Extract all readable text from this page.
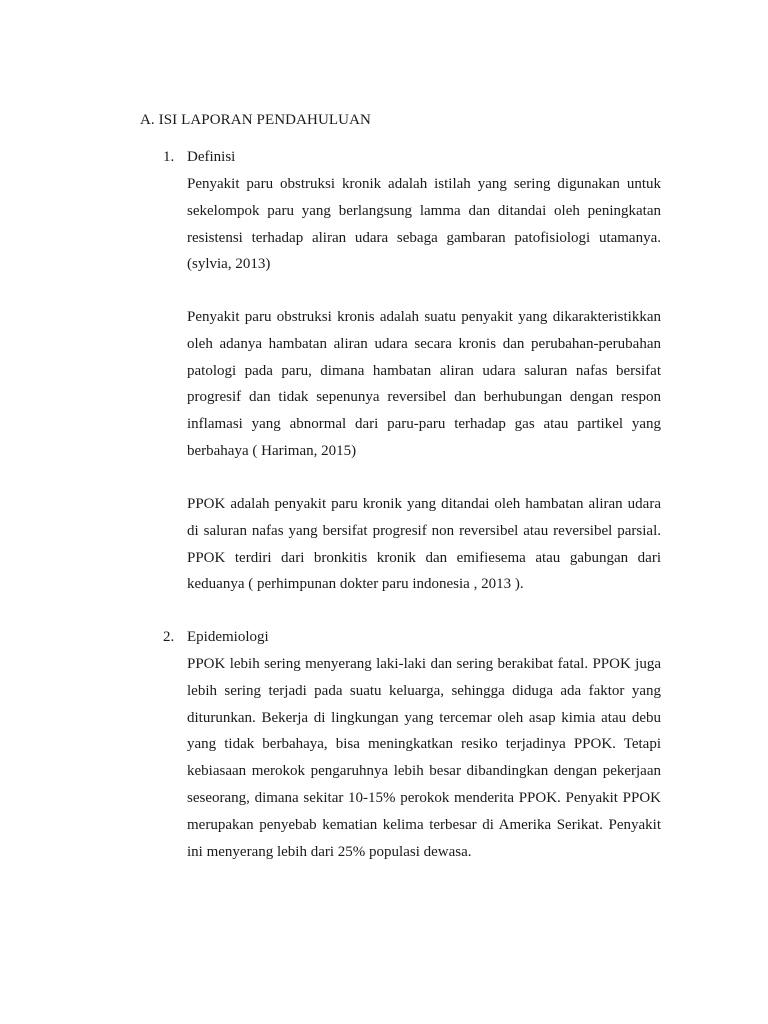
A. ISI LAPORAN PENDAHULUAN
1. Definisi

Penyakit paru obstruksi kronik adalah istilah yang sering digunakan untuk sekelompok paru yang berlangsung lamma dan ditandai oleh peningkatan resistensi terhadap aliran udara sebaga gambaran patofisiologi utamanya. (sylvia, 2013)

Penyakit paru obstruksi kronis adalah suatu penyakit yang dikarakteristikkan oleh adanya hambatan aliran udara secara kronis dan perubahan-perubahan patologi pada paru, dimana hambatan aliran udara saluran nafas bersifat progresif dan tidak sepenunya reversibel dan berhubungan dengan respon inflamasi yang abnormal dari paru-paru terhadap gas atau partikel yang berbahaya ( Hariman, 2015)

PPOK adalah penyakit paru kronik yang ditandai oleh hambatan aliran udara di saluran nafas yang bersifat progresif non reversibel atau reversibel parsial. PPOK terdiri dari bronkitis kronik dan emifiesema atau gabungan dari keduanya ( perhimpunan dokter paru indonesia , 2013 ).

2. Epidemiologi

PPOK lebih sering menyerang laki-laki dan sering berakibat fatal. PPOK juga lebih sering terjadi pada suatu keluarga, sehingga diduga ada faktor yang diturunkan. Bekerja di lingkungan yang tercemar oleh asap kimia atau debu yang tidak berbahaya, bisa meningkatkan resiko terjadinya PPOK. Tetapi kebiasaan merokok pengaruhnya lebih besar dibandingkan dengan pekerjaan seseorang, dimana sekitar 10-15% perokok menderita PPOK. Penyakit PPOK merupakan penyebab kematian kelima terbesar di Amerika Serikat. Penyakit ini menyerang lebih dari 25% populasi dewasa.
